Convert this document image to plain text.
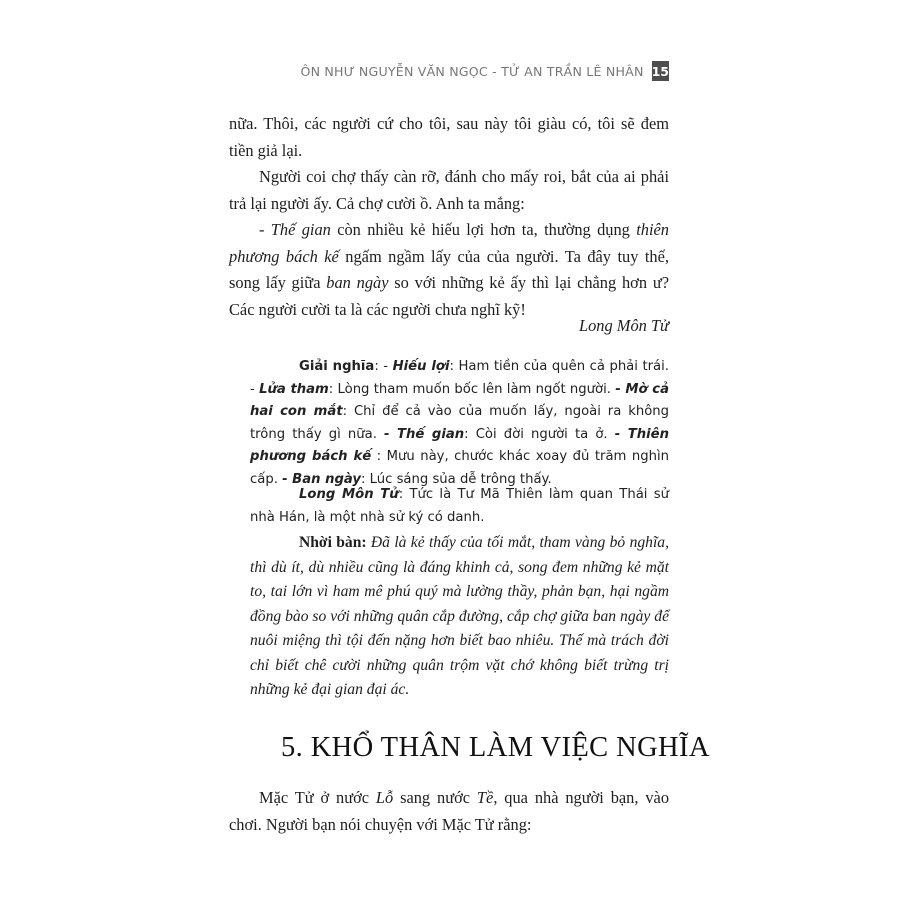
ÔN NHƯ NGUYỄN VĂN NGỌC - TỬ AN TRẦN LÊ NHÂN 15

nữa. Thôi, các người cứ cho tôi, sau này tôi giàu có, tôi sẽ đem tiền giả lại.

Người coi chợ thấy càn rỡ, đánh cho mấy roi, bắt của ai phải trả lại người ấy. Cả chợ cười ồ. Anh ta mắng:

- Thế gian còn nhiều kẻ hiếu lợi hơn ta, thường dụng thiên phương bách kế ngấm ngầm lấy của của người. Ta đây tuy thế, song lấy giữa ban ngày so với những kẻ ấy thì lại chẳng hơn ư? Các người cười ta là các người chưa nghĩ kỹ!

Long Môn Tử
Giải nghĩa: - Hiếu lợi: Ham tiền của quên cả phải trái. - Lửa tham: Lòng tham muốn bốc lên làm ngốt người. - Mờ cả hai con mắt: Chỉ để cả vào của muốn lấy, ngoài ra không trông thấy gì nữa. - Thế gian: Còi đời người ta ở. - Thiên phương bách kế : Mưu này, chước khác xoay đủ trăm nghìn cấp. - Ban ngày: Lúc sáng sủa dễ trông thấy.
Long Môn Tử: Tức là Tư Mã Thiên làm quan Thái sử nhà Hán, là một nhà sử ký có danh.
Nhời bàn: Đã là kẻ thấy của tối mắt, tham vàng bỏ nghĩa, thì dù ít, dù nhiều cũng là đáng khinh cả, song đem những kẻ mặt to, tai lớn vì ham mê phú quý mà lường thầy, phản bạn, hại ngầm đồng bào so với những quân cắp đường, cắp chợ giữa ban ngày để nuôi miệng thì tội đến nặng hơn biết bao nhiêu. Thế mà trách đời chỉ biết chê cười những quân trộm vặt chớ không biết trừng trị những kẻ đại gian đại ác.
5. KHỔ THÂN LÀM VIỆC NGHĨA

Mặc Tử ở nước Lỗ sang nước Tề, qua nhà người bạn, vào chơi. Người bạn nói chuyện với Mặc Tử rằng:
